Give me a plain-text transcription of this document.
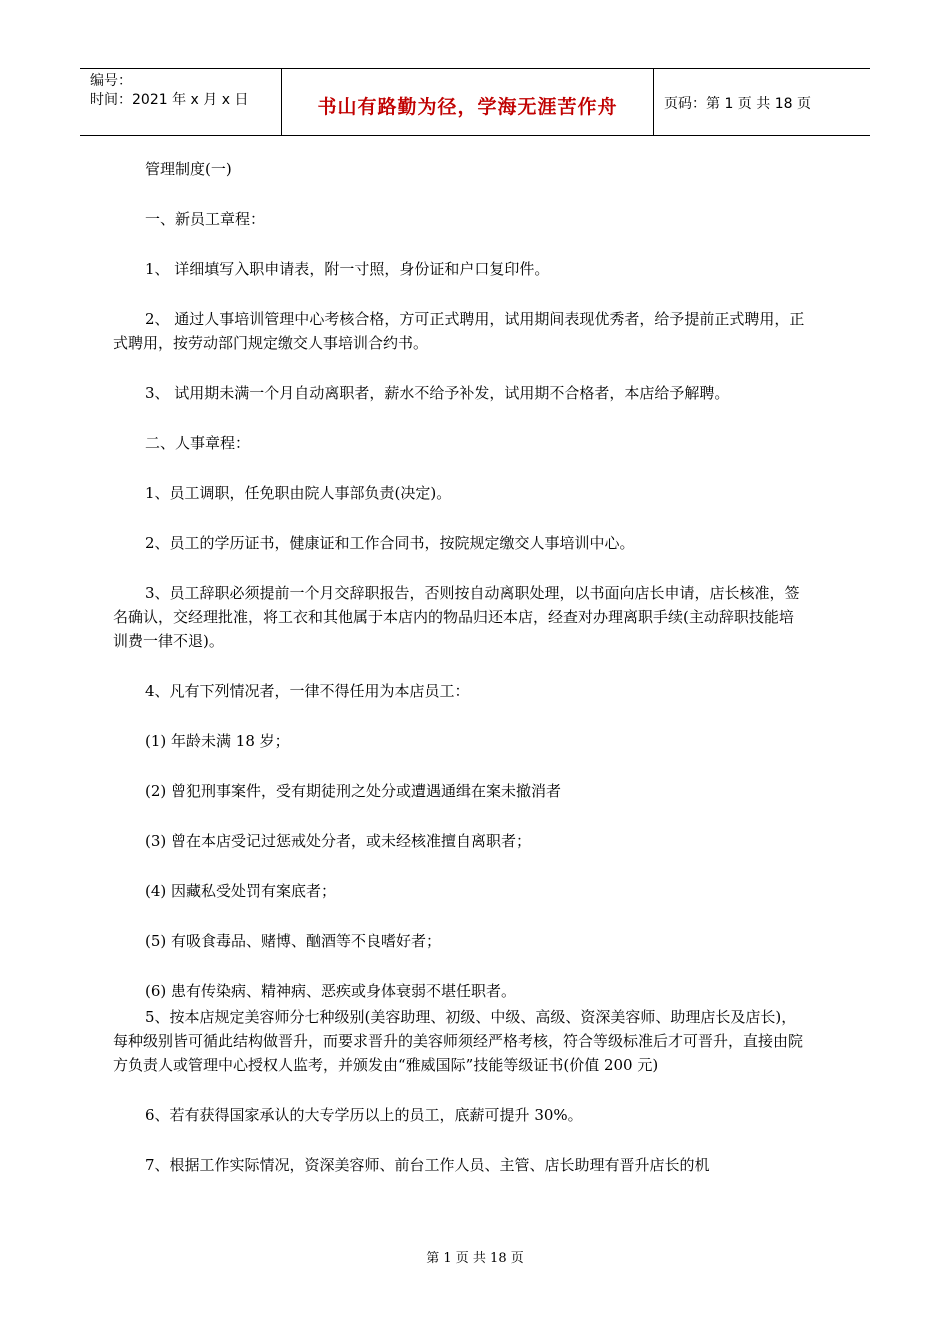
编号：
时间：2021 年 x 月 x 日	书山有路勤为径，学海无涯苦作舟	页码：第 1 页 共 18 页

管理制度(一)

一、新员工章程：

1、 详细填写入职申请表，附一寸照，身份证和户口复印件。

2、 通过人事培训管理中心考核合格，方可正式聘用，试用期间表现优秀者，给予提前正式聘用，正式聘用，按劳动部门规定缴交人事培训合约书。

3、 试用期未满一个月自动离职者，薪水不给予补发，试用期不合格者，本店给予解聘。

二、人事章程：

1、员工调职，任免职由院人事部负责(决定)。

2、员工的学历证书，健康证和工作合同书，按院规定缴交人事培训中心。

3、员工辞职必须提前一个月交辞职报告，否则按自动离职处理，以书面向店长申请，店长核准，签名确认，交经理批准，将工衣和其他属于本店内的物品归还本店，经查对办理离职手续(主动辞职技能培训费一律不退)。

4、凡有下列情况者，一律不得任用为本店员工：

(1) 年龄未满 18 岁；

(2) 曾犯刑事案件，受有期徒刑之处分或遭遇通缉在案未撤消者

(3) 曾在本店受记过惩戒处分者，或未经核准擅自离职者；

(4) 因藏私受处罚有案底者；

(5) 有吸食毒品、赌博、酗酒等不良嗜好者；

(6) 患有传染病、精神病、恶疾或身体衰弱不堪任职者。

5、按本店规定美容师分七种级别(美容助理、初级、中级、高级、资深美容师、助理店长及店长)，每种级别皆可循此结构做晋升，而要求晋升的美容师须经严格考核，符合等级标准后才可晋升，直接由院方负责人或管理中心授权人监考，并颁发由“雅威国际”技能等级证书(价值 200 元)

6、若有获得国家承认的大专学历以上的员工，底薪可提升 30%。

7、根据工作实际情况，资深美容师、前台工作人员、主管、店长助理有晋升店长的机

第 1 页 共 18 页
